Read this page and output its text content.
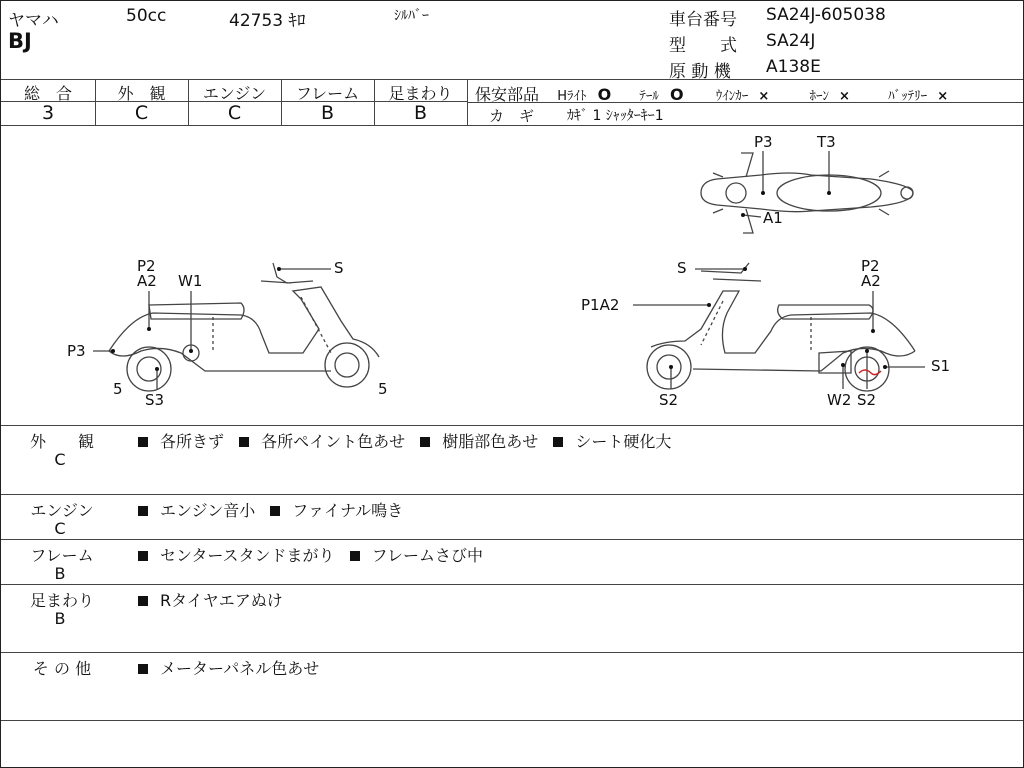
ヤマハ	50cc	42753 ｷﾛ	ｼﾙﾊﾞｰ
BJ
車台番号 SA24J-605038
型　　式 SA24J
原 動 機 A138E
総　合	外　観	エンジン	フレーム	足まわり
3	C	C	B	B
保安部品 Hﾗｲﾄ O ﾃｰﾙ O ｳｲﾝｶｰ ×	ﾎｰﾝ ×	ﾊﾞｯﾃﾘｰ ×
カ　ギ ｶｷﾞ 1 ｼｬｯﾀｰｷｰ1
P3	T3
A1
P2
A2 W1
S
P3
5
S3
5
S	P2
A2
P1A2
S1
S2	W2 S2
外　　観
C
各所きず 各所ペイント色あせ 樹脂部色あせ シート硬化大
エンジン
C
エンジン音小 ファイナル鳴き
フレーム
B
センタースタンドまがり フレームさび中
足まわり
B
Rタイヤエアぬけ
そ の 他	メーターパネル色あせ
